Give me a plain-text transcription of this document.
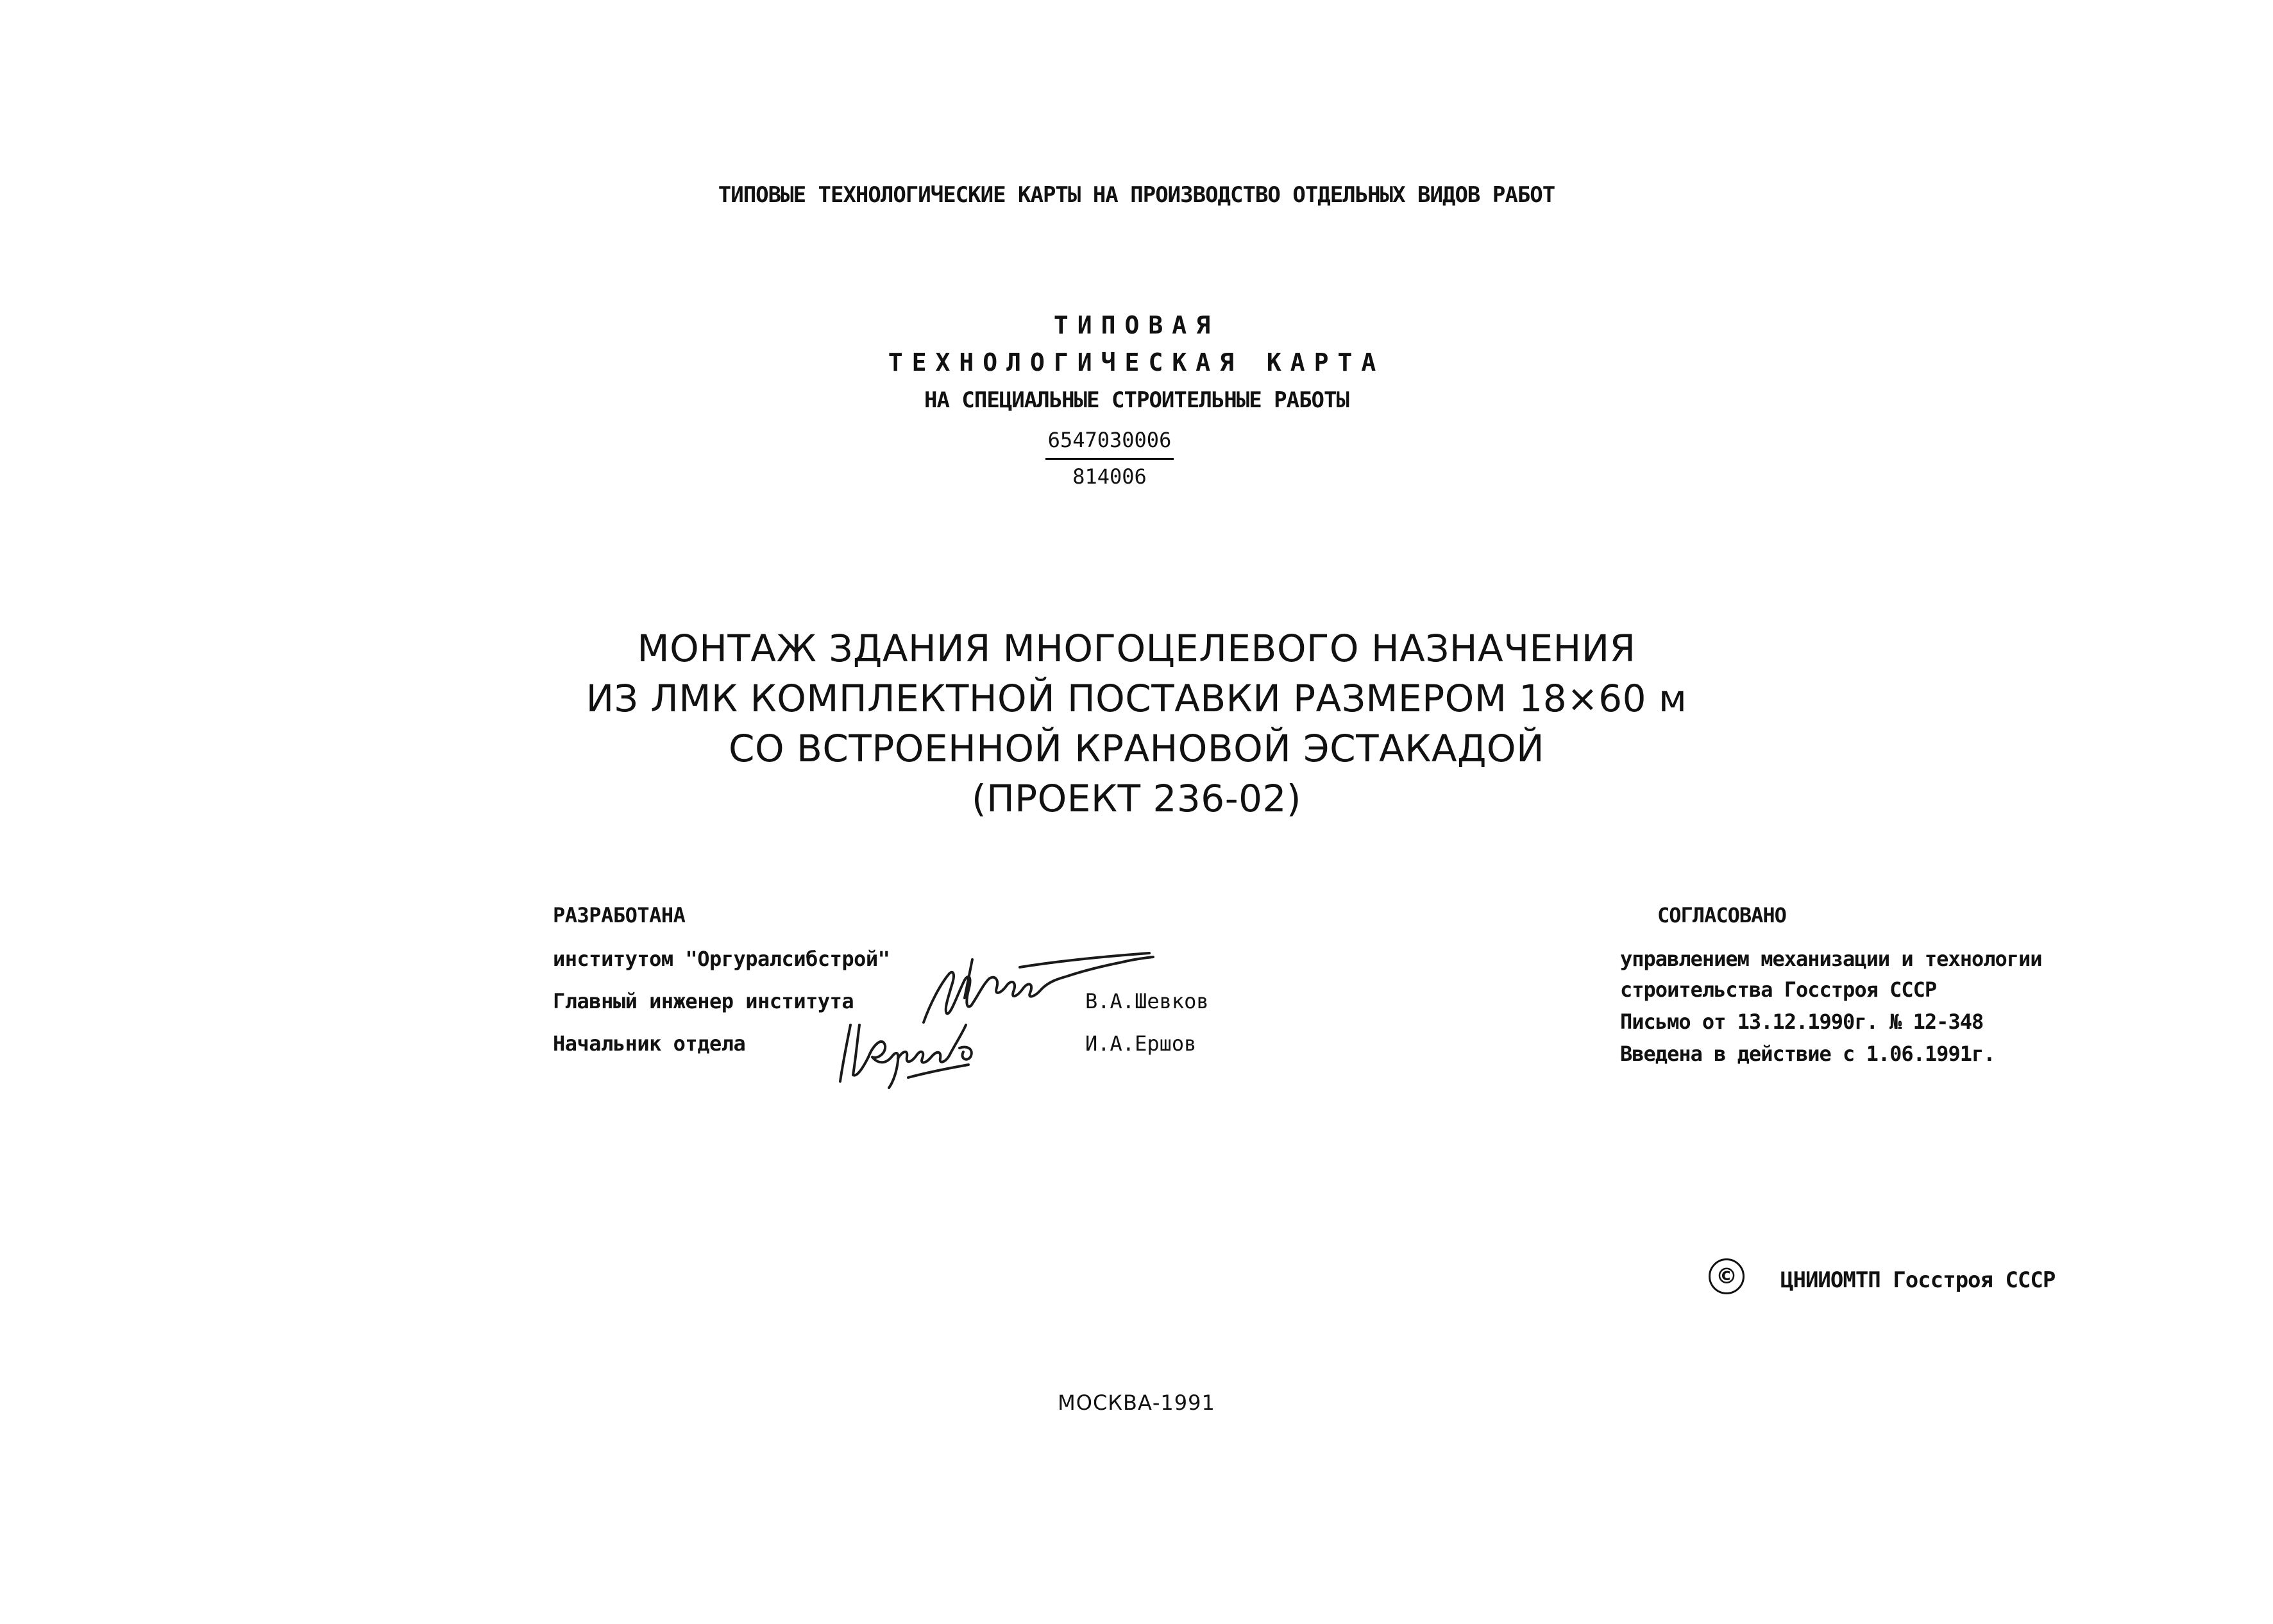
ТИПОВЫЕ ТЕХНОЛОГИЧЕСКИЕ КАРТЫ НА ПРОИЗВОДСТВО ОТДЕЛЬНЫХ ВИДОВ РАБОТ
ТИПОВАЯ
ТЕХНОЛОГИЧЕСКАЯ КАРТА
НА СПЕЦИАЛЬНЫЕ СТРОИТЕЛЬНЫЕ РАБОТЫ
6547030006
814006
МОНТАЖ ЗДАНИЯ МНОГОЦЕЛЕВОГО НАЗНАЧЕНИЯ
ИЗ ЛМК КОМПЛЕКТНОЙ ПОСТАВКИ РАЗМЕРОМ 18×60 м
СО ВСТРОЕННОЙ КРАНОВОЙ ЭСТАКАДОЙ
(ПРОЕКТ 236-02)
РАЗРАБОТАНА
институтом "Оргуралсибстрой"
Главный инженер института	В.А.Шевков
Начальник отдела	И.А.Ершов
СОГЛАСОВАНО
управлением механизации и технологии
строительства Госстроя СССР
Письмо от 13.12.1990г. № 12-348
Введена в действие с 1.06.1991г.
©	ЦНИИОМТП Госстроя СССР
МОСКВА-1991
